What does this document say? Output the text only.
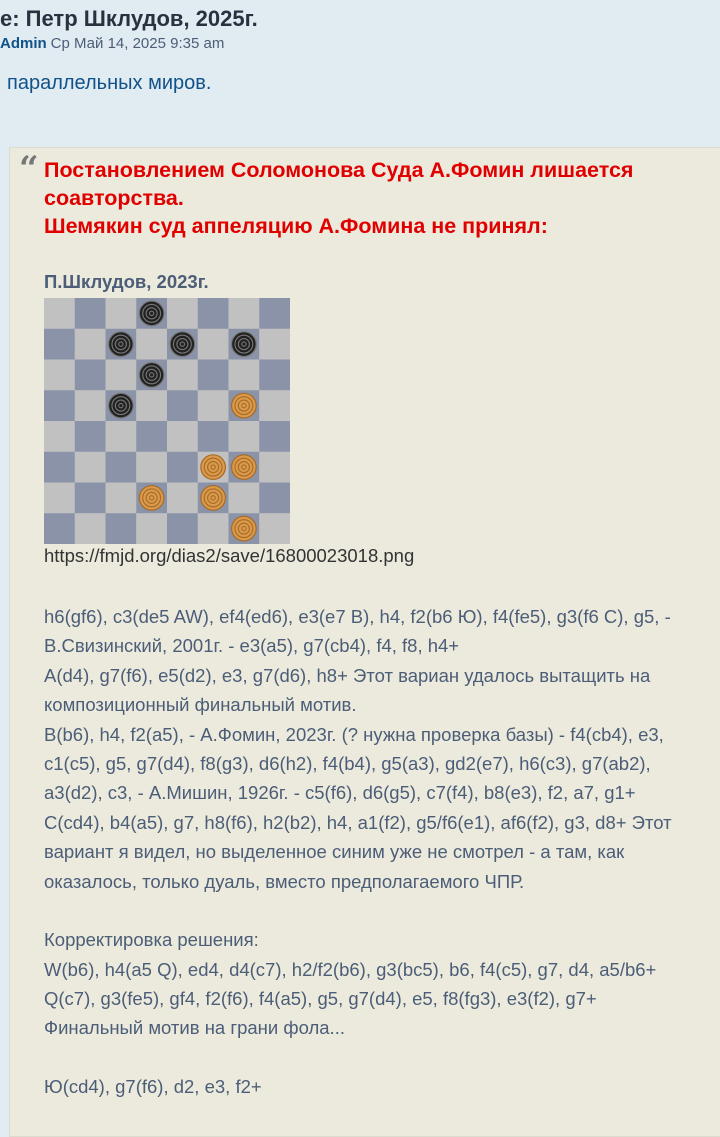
е: Петр Шклудов, 2025г.
Admin Ср Май 14, 2025 9:35 am
параллельных миров.
“ Постановлением Соломонова Суда А.Фомин лишается
соавторства.
Шемякин суд аппеляцию А.Фомина не принял:
П.Шклудов, 2023г.
https://fmjd.org/dias2/save/16800023018.png
h6(gf6), c3(de5 AW), ef4(ed6), e3(e7 B), h4, f2(b6 Ю), f4(fe5), g3(f6 C), g5, -
В.Свизинский, 2001г. - e3(a5), g7(cb4), f4, f8, h4+
A(d4), g7(f6), e5(d2), e3, g7(d6), h8+ Этот вариан удалось вытащить на
композиционный финальный мотив.
B(b6), h4, f2(a5), - А.Фомин, 2023г. (? нужна проверка базы) - f4(cb4), e3,
c1(c5), g5, g7(d4), f8(g3), d6(h2), f4(b4), g5(a3), gd2(e7), h6(c3), g7(ab2),
a3(d2), c3, - А.Мишин, 1926г. - c5(f6), d6(g5), c7(f4), b8(e3), f2, a7, g1+
C(cd4), b4(a5), g7, h8(f6), h2(b2), h4, a1(f2), g5/f6(e1), af6(f2), g3, d8+ Этот
вариант я видел, но выделенное синим уже не смотрел - а там, как
оказалось, только дуаль, вместо предполагаемого ЧПР.
Корректировка решения:
W(b6), h4(a5 Q), ed4, d4(c7), h2/f2(b6), g3(bc5), b6, f4(c5), g7, d4, a5/b6+
Q(c7), g3(fe5), gf4, f2(f6), f4(a5), g5, g7(d4), e5, f8(fg3), e3(f2), g7+
Финальный мотив на грани фола...
Ю(cd4), g7(f6), d2, e3, f2+
